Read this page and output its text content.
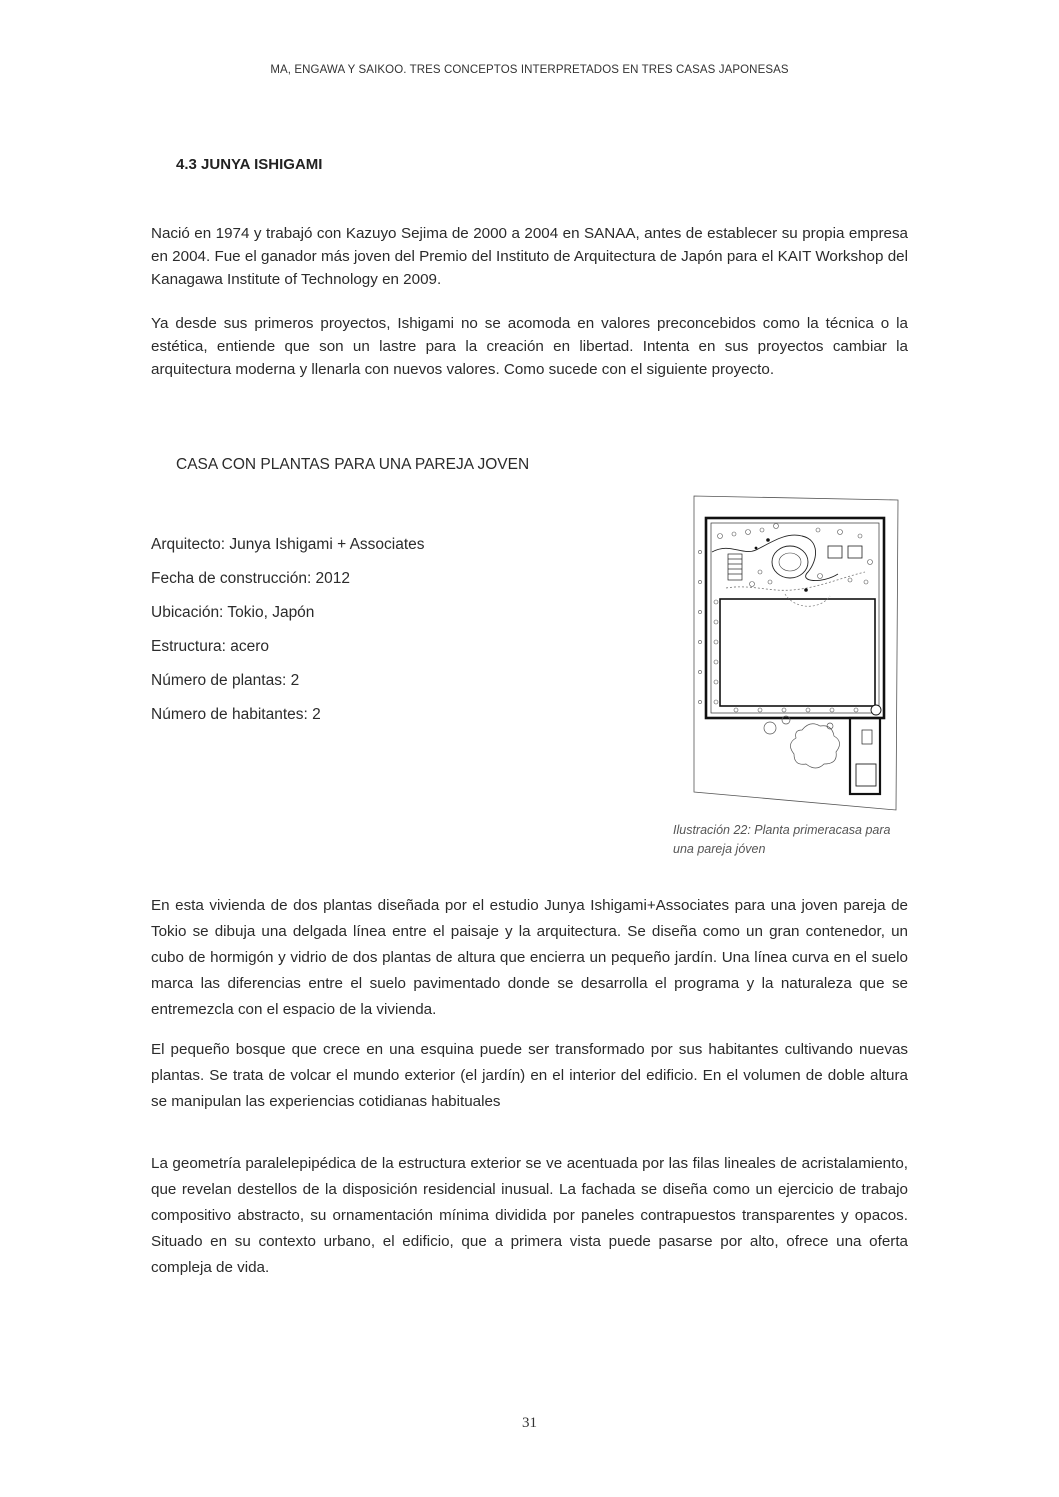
MA, ENGAWA Y SAIKOO. TRES CONCEPTOS INTERPRETADOS EN TRES CASAS JAPONESAS
4.3 JUNYA ISHIGAMI

Nació en 1974 y trabajó con Kazuyo Sejima de 2000 a 2004 en SANAA, antes de establecer su propia empresa en 2004. Fue el ganador más joven del Premio del Instituto de Arquitectura de Japón para el KAIT Workshop del Kanagawa Institute of Technology en 2009.

Ya desde sus primeros proyectos, Ishigami no se acomoda en valores preconcebidos como la técnica o la estética, entiende que son un lastre para la creación en libertad. Intenta en sus proyectos cambiar la arquitectura moderna y llenarla con nuevos valores. Como sucede con el siguiente proyecto.

CASA CON PLANTAS PARA UNA PAREJA JOVEN
Arquitecto: Junya Ishigami + Associates
Fecha de construcción: 2012
Ubicación: Tokio, Japón
Estructura: acero
Número de plantas: 2
Número de habitantes: 2
Ilustración 22: Planta primeracasa para una pareja jóven

En esta vivienda de dos plantas diseñada por el estudio Junya Ishigami+Associates para una joven pareja de Tokio se dibuja una delgada línea entre el paisaje y la arquitectura. Se diseña como un gran contenedor, un cubo de hormigón y vidrio de dos plantas de altura que encierra un pequeño jardín. Una línea curva en el suelo marca las diferencias entre el suelo pavimentado donde se desarrolla el programa y la naturaleza que se entremezcla con el espacio de la vivienda.

El pequeño bosque que crece en una esquina puede ser transformado por sus habitantes cultivando nuevas plantas. Se trata de volcar el mundo exterior (el jardín) en el interior del edificio. En el volumen de doble altura se manipulan las experiencias cotidianas habituales

La geometría paralelepipédica de la estructura exterior se ve acentuada por las filas lineales de acristalamiento, que revelan destellos de la disposición residencial inusual. La fachada se diseña como un ejercicio de trabajo compositivo abstracto, su ornamentación mínima dividida por paneles contrapuestos transparentes y opacos. Situado en su contexto urbano, el edificio, que a primera vista puede pasarse por alto, ofrece una oferta compleja de vida.

31
